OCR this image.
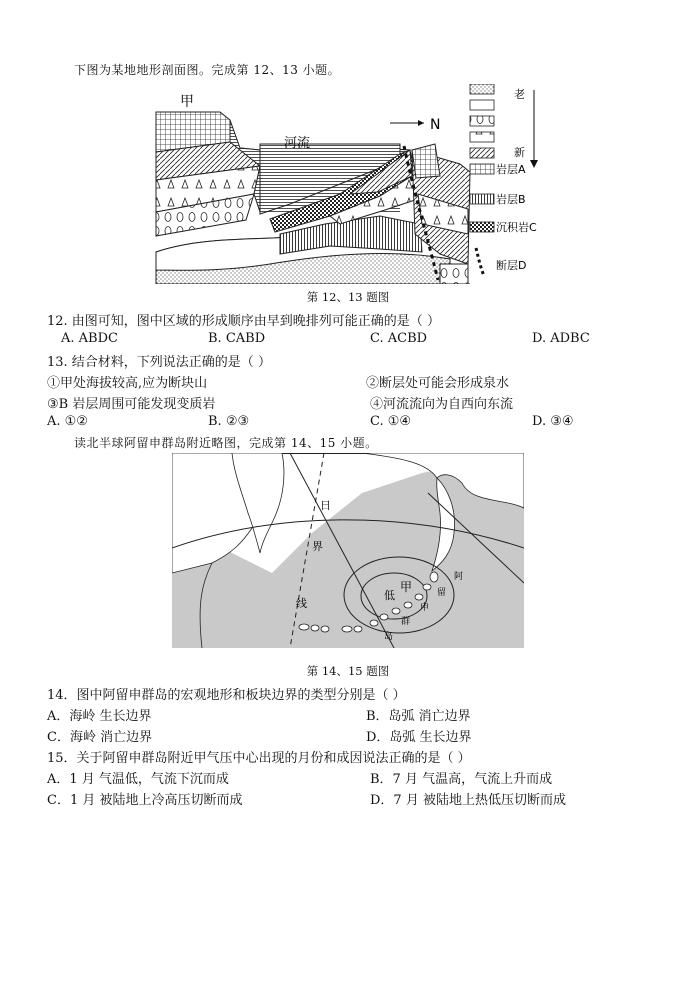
下图为某地地形剖面图。完成第 12、13 小题。
甲
河流
N
老
新
岩层A
岩层B
沉积岩C
断层D
第 12、13 题图
12. 由图可知，图中区域的形成顺序由早到晚排列可能正确的是（ ）
A. ABDC	B. CABD	C. ACBD	D. ADBC
13. 结合材料，下列说法正确的是（ ）
①甲处海拔较高,应为断块山	②断层处可能会形成泉水
③B 岩层周围可能发现变质岩	④河流流向为自西向东流
A. ①②	B. ②③	C. ①④	D. ③④
读北半球阿留申群岛附近略图，完成第 14、15 小题。
日
界
线
低
甲
阿
留
申
群
岛
第 14、15 题图
14．图中阿留申群岛的宏观地形和板块边界的类型分别是（ ）
A．海岭 生长边界	B．岛弧 消亡边界
C．海岭 消亡边界	D．岛弧 生长边界
15．关于阿留申群岛附近甲气压中心出现的月份和成因说法正确的是（ ）
A．1 月 气温低，气流下沉而成	B．7 月 气温高，气流上升而成
C．1 月 被陆地上冷高压切断而成	D．7 月 被陆地上热低压切断而成
